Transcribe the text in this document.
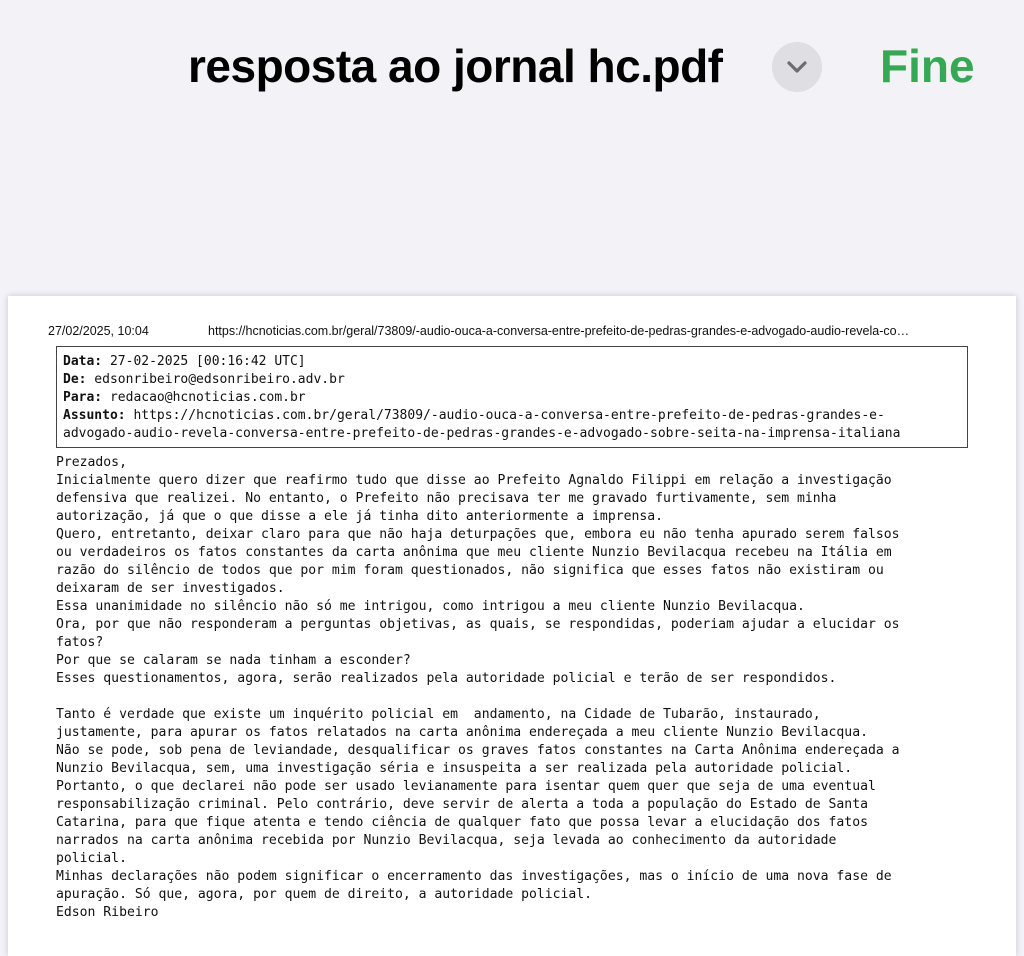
resposta ao jornal hc.pdf	Fine
27/02/2025, 10:04	https://hcnoticias.com.br/geral/73809/-audio-ouca-a-conversa-entre-prefeito-de-pedras-grandes-e-advogado-audio-revela-co…
Data: 27-02-2025 [00:16:42 UTC]
De: edsonribeiro@edsonribeiro.adv.br
Para: redacao@hcnoticias.com.br
Assunto: https://hcnoticias.com.br/geral/73809/-audio-ouca-a-conversa-entre-prefeito-de-pedras-grandes-e-
advogado-audio-revela-conversa-entre-prefeito-de-pedras-grandes-e-advogado-sobre-seita-na-imprensa-italiana
Prezados,
Inicialmente quero dizer que reafirmo tudo que disse ao Prefeito Agnaldo Filippi em relação a investigação
defensiva que realizei. No entanto, o Prefeito não precisava ter me gravado furtivamente, sem minha
autorização, já que o que disse a ele já tinha dito anteriormente a imprensa.
Quero, entretanto, deixar claro para que não haja deturpações que, embora eu não tenha apurado serem falsos
ou verdadeiros os fatos constantes da carta anônima que meu cliente Nunzio Bevilacqua recebeu na Itália em
razão do silêncio de todos que por mim foram questionados, não significa que esses fatos não existiram ou
deixaram de ser investigados.
Essa unanimidade no silêncio não só me intrigou, como intrigou a meu cliente Nunzio Bevilacqua.
Ora, por que não responderam a perguntas objetivas, as quais, se respondidas, poderiam ajudar a elucidar os
fatos?
Por que se calaram se nada tinham a esconder?
Esses questionamentos, agora, serão realizados pela autoridade policial e terão de ser respondidos.
Tanto é verdade que existe um inquérito policial em  andamento, na Cidade de Tubarão, instaurado,
justamente, para apurar os fatos relatados na carta anônima endereçada a meu cliente Nunzio Bevilacqua.
Não se pode, sob pena de leviandade, desqualificar os graves fatos constantes na Carta Anônima endereçada a
Nunzio Bevilacqua, sem, uma investigação séria e insuspeita a ser realizada pela autoridade policial.
Portanto, o que declarei não pode ser usado levianamente para isentar quem quer que seja de uma eventual
responsabilização criminal. Pelo contrário, deve servir de alerta a toda a população do Estado de Santa
Catarina, para que fique atenta e tendo ciência de qualquer fato que possa levar a elucidação dos fatos
narrados na carta anônima recebida por Nunzio Bevilacqua, seja levada ao conhecimento da autoridade
policial.
Minhas declarações não podem significar o encerramento das investigações, mas o início de uma nova fase de
apuração. Só que, agora, por quem de direito, a autoridade policial.
Edson Ribeiro
